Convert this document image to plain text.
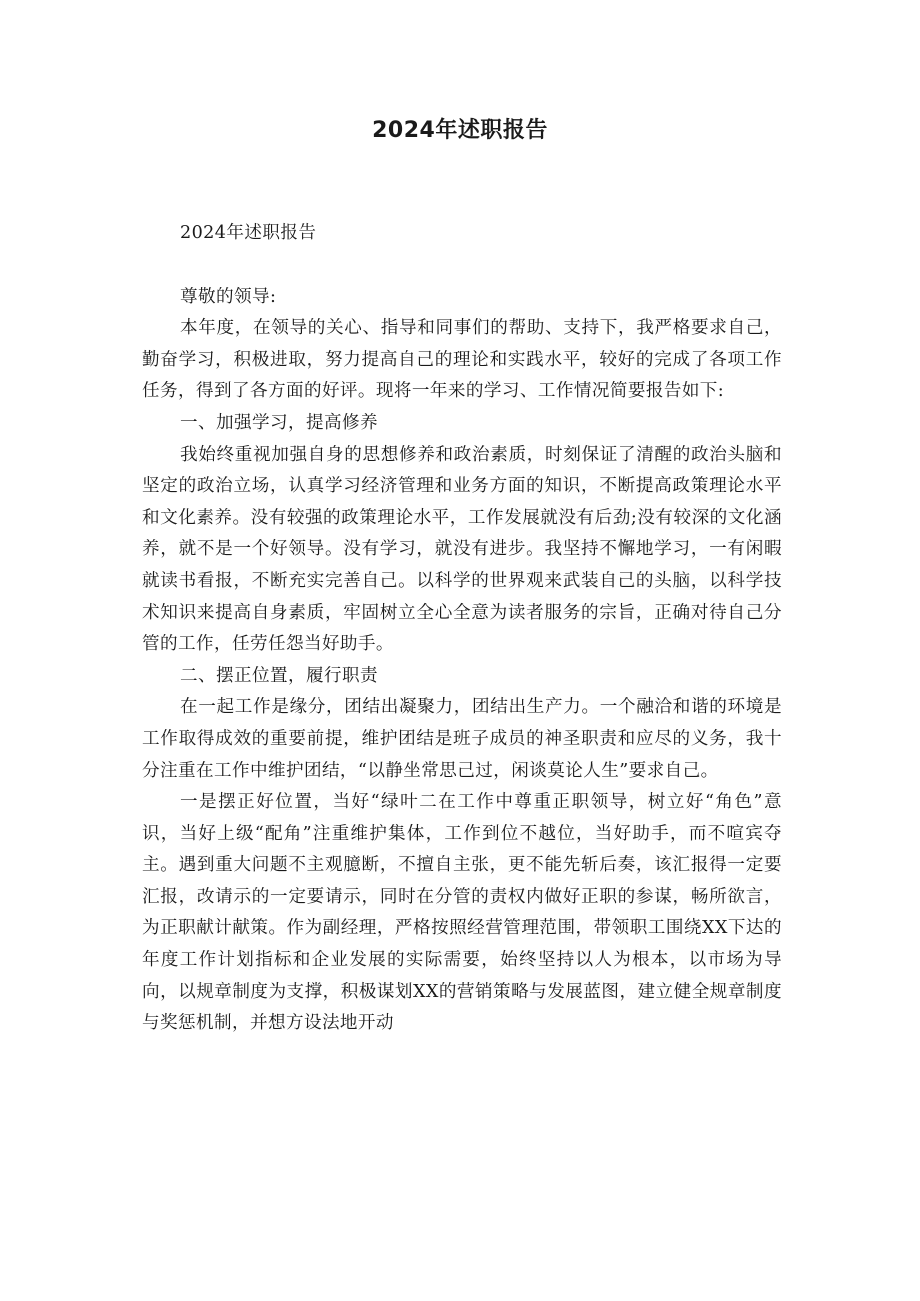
2024年述职报告

2024年述职报告

尊敬的领导:

本年度，在领导的关心、指导和同事们的帮助、支持下，我严格要求自己，勤奋学习，积极进取，努力提高自己的理论和实践水平，较好的完成了各项工作任务，得到了各方面的好评。现将一年来的学习、工作情况简要报告如下:

一、加强学习，提高修养

我始终重视加强自身的思想修养和政治素质，时刻保证了清醒的政治头脑和坚定的政治立场，认真学习经济管理和业务方面的知识，不断提高政策理论水平和文化素养。没有较强的政策理论水平，工作发展就没有后劲;没有较深的文化涵养，就不是一个好领导。没有学习，就没有进步。我坚持不懈地学习，一有闲暇就读书看报，不断充实完善自己。以科学的世界观来武装自己的头脑，以科学技术知识来提高自身素质，牢固树立全心全意为读者服务的宗旨，正确对待自己分管的工作，任劳任怨当好助手。

二、摆正位置，履行职责

在一起工作是缘分，团结出凝聚力，团结出生产力。一个融洽和谐的环境是工作取得成效的重要前提，维护团结是班子成员的神圣职责和应尽的义务，我十分注重在工作中维护团结，“以静坐常思己过，闲谈莫论人生”要求自己。

一是摆正好位置，当好“绿叶二在工作中尊重正职领导，树立好“角色”意识，当好上级“配角”注重维护集体，工作到位不越位，当好助手，而不喧宾夺主。遇到重大问题不主观臆断，不擅自主张，更不能先斩后奏，该汇报得一定要汇报，改请示的一定要请示，同时在分管的责权内做好正职的参谋，畅所欲言，为正职献计献策。作为副经理，严格按照经营管理范围，带领职工围绕XX下达的年度工作计划指标和企业发展的实际需要，始终坚持以人为根本，以市场为导向，以规章制度为支撑，积极谋划XX的营销策略与发展蓝图，建立健全规章制度与奖惩机制，并想方设法地开动
